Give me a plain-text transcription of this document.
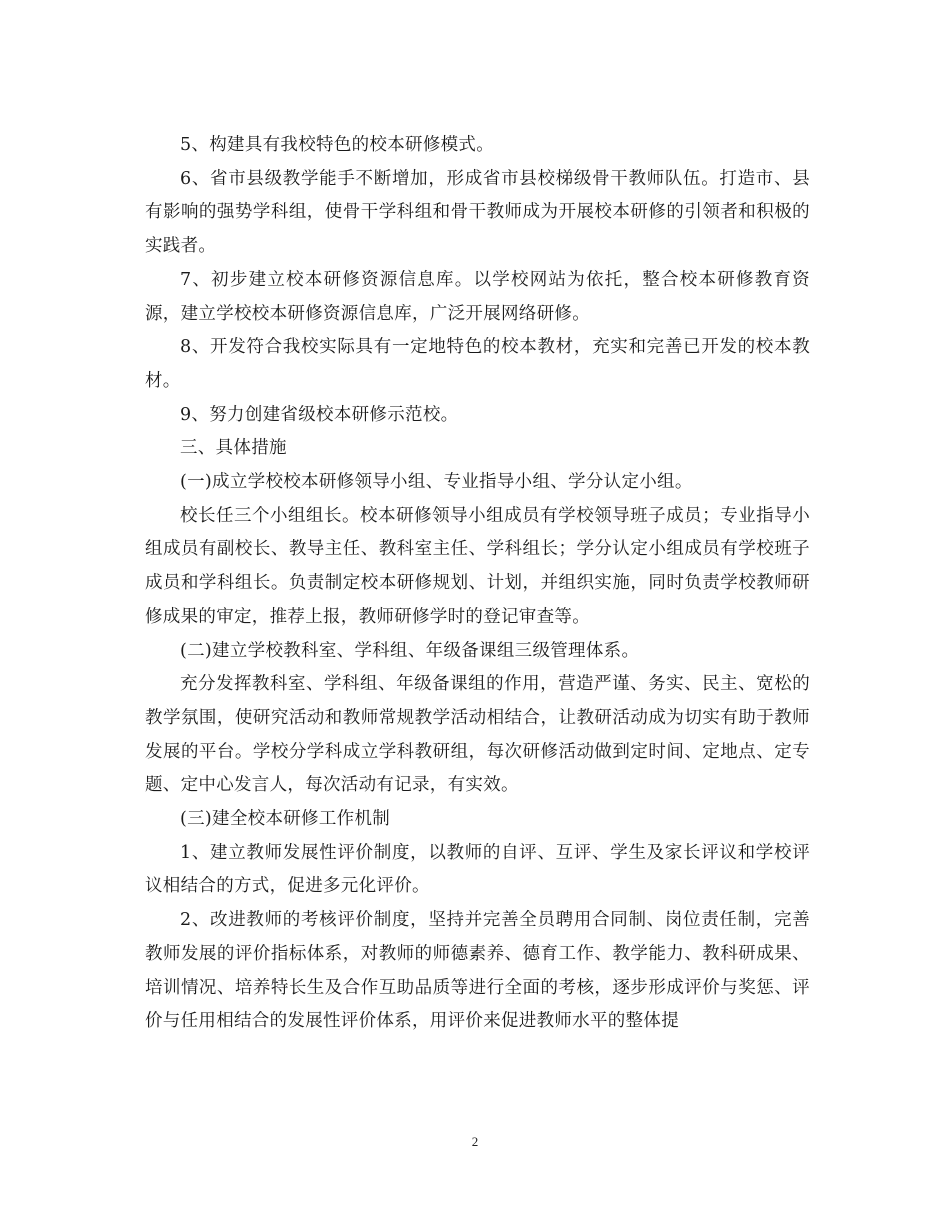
5、构建具有我校特色的校本研修模式。

6、省市县级教学能手不断增加，形成省市县校梯级骨干教师队伍。打造市、县有影响的强势学科组，使骨干学科组和骨干教师成为开展校本研修的引领者和积极的实践者。

7、初步建立校本研修资源信息库。以学校网站为依托，整合校本研修教育资源，建立学校校本研修资源信息库，广泛开展网络研修。

8、开发符合我校实际具有一定地特色的校本教材，充实和完善已开发的校本教材。

9、努力创建省级校本研修示范校。

三、具体措施

(一)成立学校校本研修领导小组、专业指导小组、学分认定小组。

校长任三个小组组长。校本研修领导小组成员有学校领导班子成员；专业指导小组成员有副校长、教导主任、教科室主任、学科组长；学分认定小组成员有学校班子成员和学科组长。负责制定校本研修规划、计划，并组织实施，同时负责学校教师研修成果的审定，推荐上报，教师研修学时的登记审查等。

(二)建立学校教科室、学科组、年级备课组三级管理体系。

充分发挥教科室、学科组、年级备课组的作用，营造严谨、务实、民主、宽松的教学氛围，使研究活动和教师常规教学活动相结合，让教研活动成为切实有助于教师发展的平台。学校分学科成立学科教研组，每次研修活动做到定时间、定地点、定专题、定中心发言人，每次活动有记录，有实效。

(三)建全校本研修工作机制

1、建立教师发展性评价制度，以教师的自评、互评、学生及家长评议和学校评议相结合的方式，促进多元化评价。

2、改进教师的考核评价制度，坚持并完善全员聘用合同制、岗位责任制，完善教师发展的评价指标体系，对教师的师德素养、德育工作、教学能力、教科研成果、培训情况、培养特长生及合作互助品质等进行全面的考核，逐步形成评价与奖惩、评价与任用相结合的发展性评价体系，用评价来促进教师水平的整体提

2
